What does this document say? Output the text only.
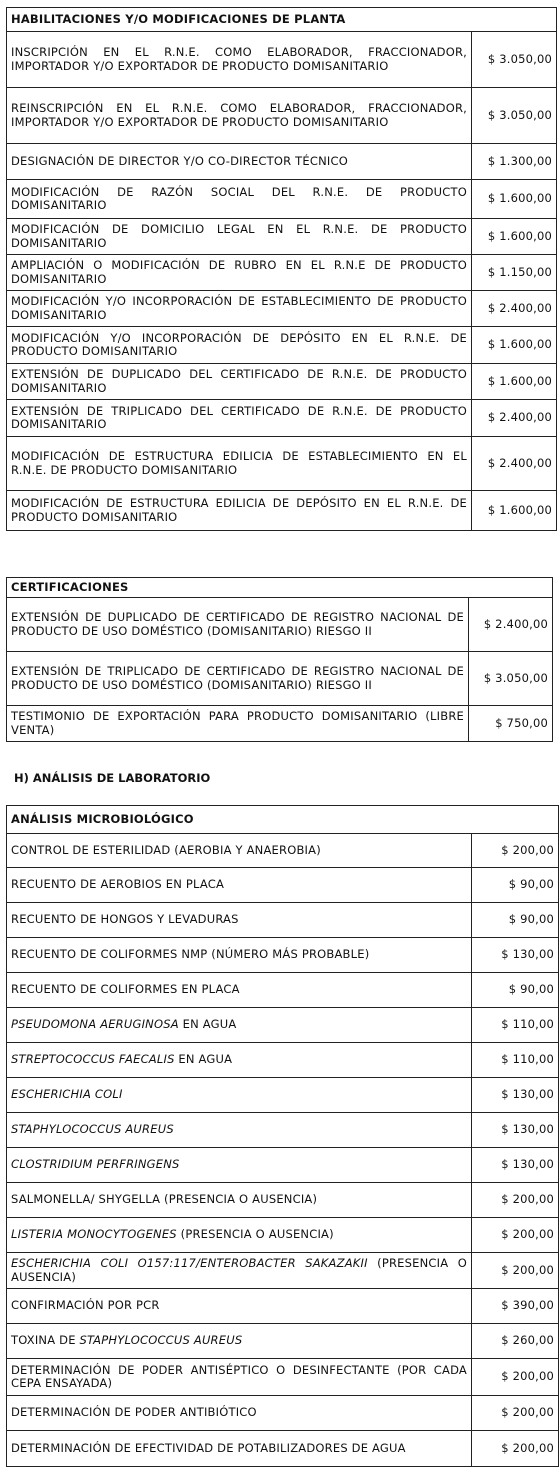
HABILITACIONES Y/O MODIFICACIONES DE PLANTA	
INSCRIPCIÓN EN EL R.N.E. COMO ELABORADOR, FRACCIONADOR, IMPORTADOR Y/O EXPORTADOR DE PRODUCTO DOMISANITARIO	$ 3.050,00
REINSCRIPCIÓN EN EL R.N.E. COMO ELABORADOR, FRACCIONADOR, IMPORTADOR Y/O EXPORTADOR DE PRODUCTO DOMISANITARIO	$ 3.050,00
DESIGNACIÓN DE DIRECTOR Y/O CO-DIRECTOR TÉCNICO	$ 1.300,00
MODIFICACIÓN DE RAZÓN SOCIAL DEL R.N.E. DE PRODUCTO DOMISANITARIO	$ 1.600,00
MODIFICACIÓN DE DOMICILIO LEGAL EN EL R.N.E. DE PRODUCTO DOMISANITARIO	$ 1.600,00
AMPLIACIÓN O MODIFICACIÓN DE RUBRO EN EL R.N.E DE PRODUCTO DOMISANITARIO	$ 1.150,00
MODIFICACIÓN Y/O INCORPORACIÓN DE ESTABLECIMIENTO DE PRODUCTO DOMISANITARIO	$ 2.400,00
MODIFICACIÓN Y/O INCORPORACIÓN DE DEPÓSITO EN EL R.N.E. DE PRODUCTO DOMISANITARIO	$ 1.600,00
EXTENSIÓN DE DUPLICADO DEL CERTIFICADO DE R.N.E. DE PRODUCTO DOMISANITARIO	$ 1.600,00
EXTENSIÓN DE TRIPLICADO DEL CERTIFICADO DE R.N.E. DE PRODUCTO DOMISANITARIO	$ 2.400,00
MODIFICACIÓN DE ESTRUCTURA EDILICIA DE ESTABLECIMIENTO EN EL R.N.E. DE PRODUCTO DOMISANITARIO	$ 2.400,00
MODIFICACIÓN DE ESTRUCTURA EDILICIA DE DEPÓSITO EN EL R.N.E. DE PRODUCTO DOMISANITARIO	$ 1.600,00
CERTIFICACIONES	
EXTENSIÓN DE DUPLICADO DE CERTIFICADO DE REGISTRO NACIONAL DE PRODUCTO DE USO DOMÉSTICO (DOMISANITARIO) RIESGO II	$ 2.400,00
EXTENSIÓN DE TRIPLICADO DE CERTIFICADO DE REGISTRO NACIONAL DE PRODUCTO DE USO DOMÉSTICO (DOMISANITARIO) RIESGO II	$ 3.050,00
TESTIMONIO DE EXPORTACIÓN PARA PRODUCTO DOMISANITARIO (LIBRE VENTA)	$ 750,00
H) ANÁLISIS DE LABORATORIO
ANÁLISIS MICROBIOLÓGICO	
CONTROL DE ESTERILIDAD (AEROBIA Y ANAEROBIA)	$ 200,00
RECUENTO DE AEROBIOS EN PLACA	$ 90,00
RECUENTO DE HONGOS Y LEVADURAS	$ 90,00
RECUENTO DE COLIFORMES NMP (NÚMERO MÁS PROBABLE)	$ 130,00
RECUENTO DE COLIFORMES EN PLACA	$ 90,00
PSEUDOMONA AERUGINOSA EN AGUA	$ 110,00
STREPTOCOCCUS FAECALIS EN AGUA	$ 110,00
ESCHERICHIA COLI	$ 130,00
STAPHYLOCOCCUS AUREUS	$ 130,00
CLOSTRIDIUM PERFRINGENS	$ 130,00
SALMONELLA/ SHYGELLA (PRESENCIA O AUSENCIA)	$ 200,00
LISTERIA MONOCYTOGENES (PRESENCIA O AUSENCIA)	$ 200,00
ESCHERICHIA COLI O157:117/ENTEROBACTER SAKAZAKII (PRESENCIA O AUSENCIA)	$ 200,00
CONFIRMACIÓN POR PCR	$ 390,00
TOXINA DE STAPHYLOCOCCUS AUREUS	$ 260,00
DETERMINACIÓN DE PODER ANTISÉPTICO O DESINFECTANTE (POR CADA CEPA ENSAYADA)	$ 200,00
DETERMINACIÓN DE PODER ANTIBIÓTICO	$ 200,00
DETERMINACIÓN DE EFECTIVIDAD DE POTABILIZADORES DE AGUA	$ 200,00
